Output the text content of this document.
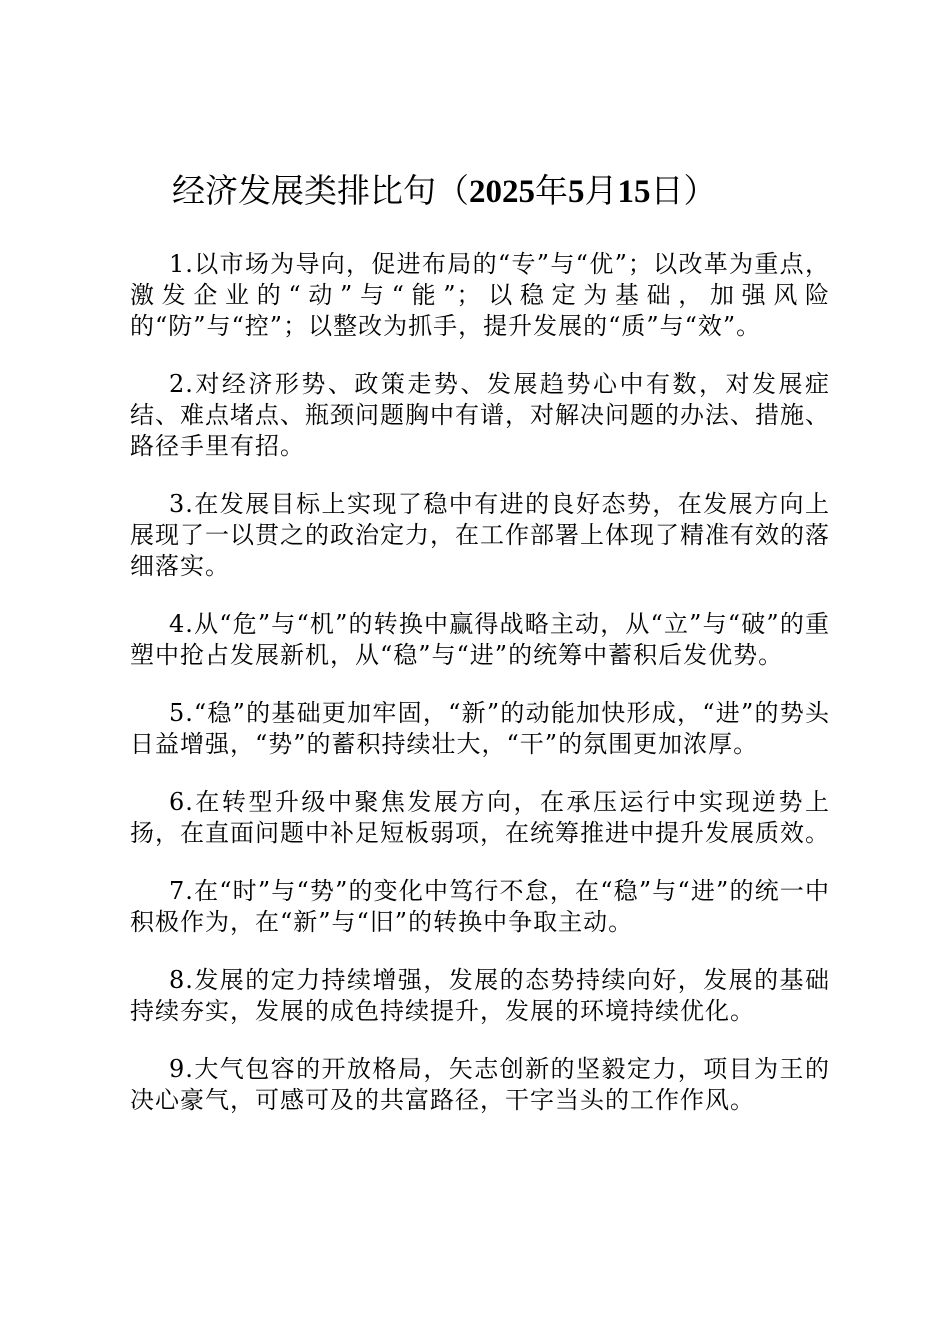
经济发展类排比句（2025年5月15日）

1.以市场为导向，促进布局的“专”与“优”；以改革为重点，激发企业的“动”与“能”；以稳定为基础，加强风险的“防”与“控”；以整改为抓手，提升发展的“质”与“效”。

2.对经济形势、政策走势、发展趋势心中有数，对发展症结、难点堵点、瓶颈问题胸中有谱，对解决问题的办法、措施、路径手里有招。

3.在发展目标上实现了稳中有进的良好态势，在发展方向上展现了一以贯之的政治定力，在工作部署上体现了精准有效的落细落实。

4.从“危”与“机”的转换中赢得战略主动，从“立”与“破”的重塑中抢占发展新机，从“稳”与“进”的统筹中蓄积后发优势。

5.“稳”的基础更加牢固，“新”的动能加快形成，“进”的势头日益增强，“势”的蓄积持续壮大，“干”的氛围更加浓厚。

6.在转型升级中聚焦发展方向，在承压运行中实现逆势上扬，在直面问题中补足短板弱项，在统筹推进中提升发展质效。

7.在“时”与“势”的变化中笃行不怠，在“稳”与“进”的统一中积极作为，在“新”与“旧”的转换中争取主动。

8.发展的定力持续增强，发展的态势持续向好，发展的基础持续夯实，发展的成色持续提升，发展的环境持续优化。

9.大气包容的开放格局，矢志创新的坚毅定力，项目为王的决心豪气，可感可及的共富路径，干字当头的工作作风。
